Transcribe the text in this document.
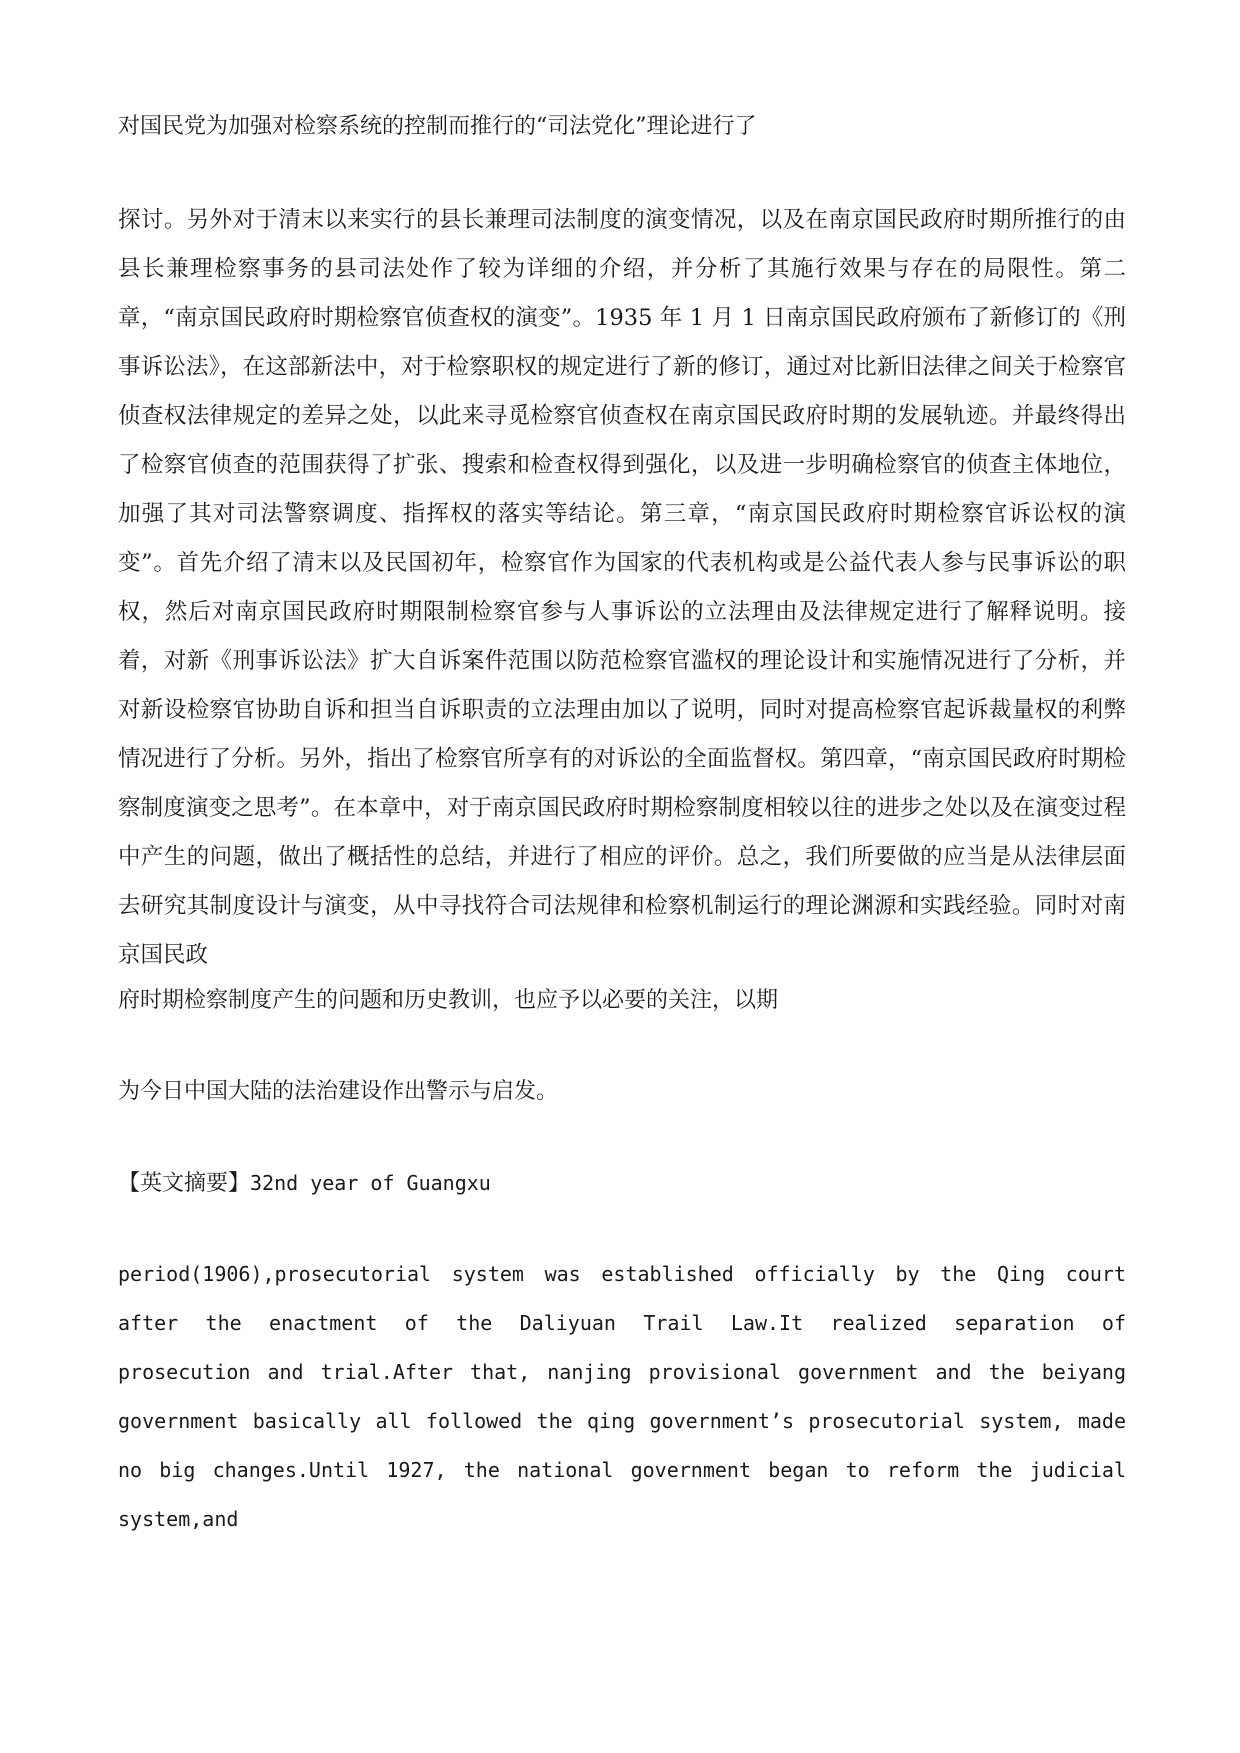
对国民党为加强对检察系统的控制而推行的“司法党化”理论进行了

探讨。另外对于清末以来实行的县长兼理司法制度的演变情况，以及在南京国民政府时期所推行的由县长兼理检察事务的县司法处作了较为详细的介绍，并分析了其施行效果与存在的局限性。第二章，“南京国民政府时期检察官侦查权的演变”。1935 年 1 月 1 日南京国民政府颁布了新修订的《刑事诉讼法》，在这部新法中，对于检察职权的规定进行了新的修订，通过对比新旧法律之间关于检察官侦查权法律规定的差异之处，以此来寻觅检察官侦查权在南京国民政府时期的发展轨迹。并最终得出了检察官侦查的范围获得了扩张、搜索和检查权得到强化，以及进一步明确检察官的侦查主体地位，加强了其对司法警察调度、指挥权的落实等结论。第三章，“南京国民政府时期检察官诉讼权的演变”。首先介绍了清末以及民国初年，检察官作为国家的代表机构或是公益代表人参与民事诉讼的职权，然后对南京国民政府时期限制检察官参与人事诉讼的立法理由及法律规定进行了解释说明。接着，对新《刑事诉讼法》扩大自诉案件范围以防范检察官滥权的理论设计和实施情况进行了分析，并对新设检察官协助自诉和担当自诉职责的立法理由加以了说明，同时对提高检察官起诉裁量权的利弊情况进行了分析。另外，指出了检察官所享有的对诉讼的全面监督权。第四章，“南京国民政府时期检察制度演变之思考”。在本章中，对于南京国民政府时期检察制度相较以往的进步之处以及在演变过程中产生的问题，做出了概括性的总结，并进行了相应的评价。总之，我们所要做的应当是从法律层面去研究其制度设计与演变，从中寻找符合司法规律和检察机制运行的理论渊源和实践经验。同时对南京国民政

府时期检察制度产生的问题和历史教训，也应予以必要的关注，以期

为今日中国大陆的法治建设作出警示与启发。

【英文摘要】32nd year of Guangxu

period(1906),prosecutorial system was established officially by the Qing court after the enactment of the Daliyuan Trail Law.It realized separation of prosecution and trial.After that, nanjing provisional government and the beiyang government basically all followed the qing government’s prosecutorial system, made no big changes.Until 1927, the national government began to reform the judicial system,and
